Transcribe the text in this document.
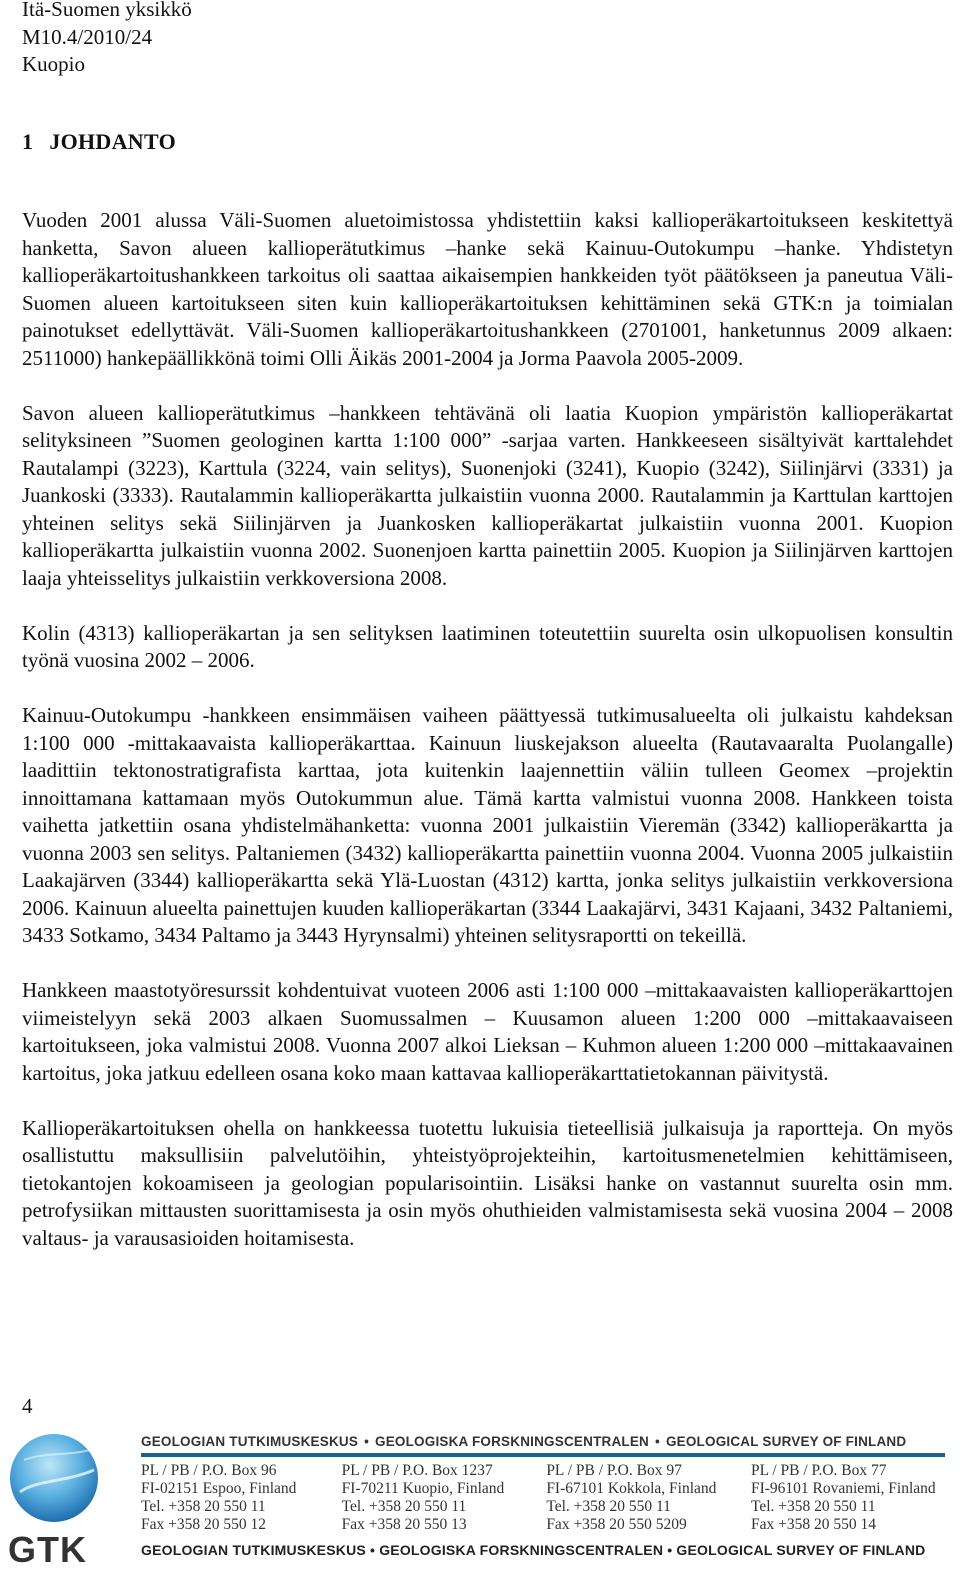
Itä-Suomen yksikkö
M10.4/2010/24
Kuopio
1 JOHDANTO

Vuoden 2001 alussa Väli-Suomen aluetoimistossa yhdistettiin kaksi kallioperäkartoitukseen keskitettyä hanketta, Savon alueen kallioperätutkimus –hanke sekä Kainuu-Outokumpu –hanke. Yhdistetyn kallioperäkartoitushankkeen tarkoitus oli saattaa aikaisempien hankkeiden työt päätökseen ja paneutua Väli-Suomen alueen kartoitukseen siten kuin kallioperäkartoituksen kehittäminen sekä GTK:n ja toimialan painotukset edellyttävät. Väli-Suomen kallioperäkartoitushankkeen (2701001, hanketunnus 2009 alkaen: 2511000) hankepäällikkönä toimi Olli Äikäs 2001-2004 ja Jorma Paavola 2005-2009.

Savon alueen kallioperätutkimus –hankkeen tehtävänä oli laatia Kuopion ympäristön kallioperäkartat selityksineen ”Suomen geologinen kartta 1:100 000” -sarjaa varten. Hankkeeseen sisältyivät karttalehdet Rautalampi (3223), Karttula (3224, vain selitys), Suonenjoki (3241), Kuopio (3242), Siilinjärvi (3331) ja Juankoski (3333). Rautalammin kallioperäkartta julkaistiin vuonna 2000. Rautalammin ja Karttulan karttojen yhteinen selitys sekä Siilinjärven ja Juankosken kallioperäkartat julkaistiin vuonna 2001. Kuopion kallioperäkartta julkaistiin vuonna 2002. Suonenjoen kartta painettiin 2005. Kuopion ja Siilinjärven karttojen laaja yhteisselitys julkaistiin verkkoversiona 2008.

Kolin (4313) kallioperäkartan ja sen selityksen laatiminen toteutettiin suurelta osin ulkopuolisen konsultin työnä vuosina 2002 – 2006.

Kainuu-Outokumpu -hankkeen ensimmäisen vaiheen päättyessä tutkimusalueelta oli julkaistu kahdeksan 1:100 000 -mittakaavaista kallioperäkarttaa. Kainuun liuskejakson alueelta (Rautavaaralta Puolangalle) laadittiin tektonostratigrafista karttaa, jota kuitenkin laajennettiin väliin tulleen Geomex –projektin innoittamana kattamaan myös Outokummun alue. Tämä kartta valmistui vuonna 2008. Hankkeen toista vaihetta jatkettiin osana yhdistelmähanketta: vuonna 2001 julkaistiin Vieremän (3342) kallioperäkartta ja vuonna 2003 sen selitys. Paltaniemen (3432) kallioperäkartta painettiin vuonna 2004. Vuonna 2005 julkaistiin Laakajärven (3344) kallioperäkartta sekä Ylä-Luostan (4312) kartta, jonka selitys julkaistiin verkkoversiona 2006. Kainuun alueelta painettujen kuuden kallioperäkartan (3344 Laakajärvi, 3431 Kajaani, 3432 Paltaniemi, 3433 Sotkamo, 3434 Paltamo ja 3443 Hyrynsalmi) yhteinen selitysraportti on tekeillä.

Hankkeen maastotyöresurssit kohdentuivat vuoteen 2006 asti 1:100 000 –mittakaavaisten kallioperäkarttojen viimeistelyyn sekä 2003 alkaen Suomussalmen – Kuusamon alueen 1:200 000 –mittakaavaiseen kartoitukseen, joka valmistui 2008. Vuonna 2007 alkoi Lieksan – Kuhmon alueen 1:200 000 –mittakaavainen kartoitus, joka jatkuu edelleen osana koko maan kattavaa kallioperäkarttatietokannan päivitystä.

Kallioperäkartoituksen ohella on hankkeessa tuotettu lukuisia tieteellisiä julkaisuja ja raportteja. On myös osallistuttu maksullisiin palvelutöihin, yhteistyöprojekteihin, kartoitusmenetelmien kehittämiseen, tietokantojen kokoamiseen ja geologian popularisointiin. Lisäksi hanke on vastannut suurelta osin mm. petrofysiikan mittausten suorittamisesta ja osin myös ohuthieiden valmistamisesta sekä vuosina 2004 – 2008 valtaus- ja varausasioiden hoitamisesta.

4
GTK
GEOLOGIAN TUTKIMUSKESKUS • GEOLOGISKA FORSKNINGSCENTRALEN • GEOLOGICAL SURVEY OF FINLAND
PL / PB / P.O. Box 96
FI-02151 Espoo, Finland
Tel. +358 20 550 11
Fax +358 20 550 12
PL / PB / P.O. Box 1237
FI-70211 Kuopio, Finland
Tel. +358 20 550 11
Fax +358 20 550 13
PL / PB / P.O. Box 97
FI-67101 Kokkola, Finland
Tel. +358 20 550 11
Fax +358 20 550 5209
PL / PB / P.O. Box 77
FI-96101 Rovaniemi, Finland
Tel. +358 20 550 11
Fax +358 20 550 14
GEOLOGIAN TUTKIMUSKESKUS • GEOLOGISKA FORSKNINGSCENTRALEN • GEOLOGICAL SURVEY OF FINLAND
